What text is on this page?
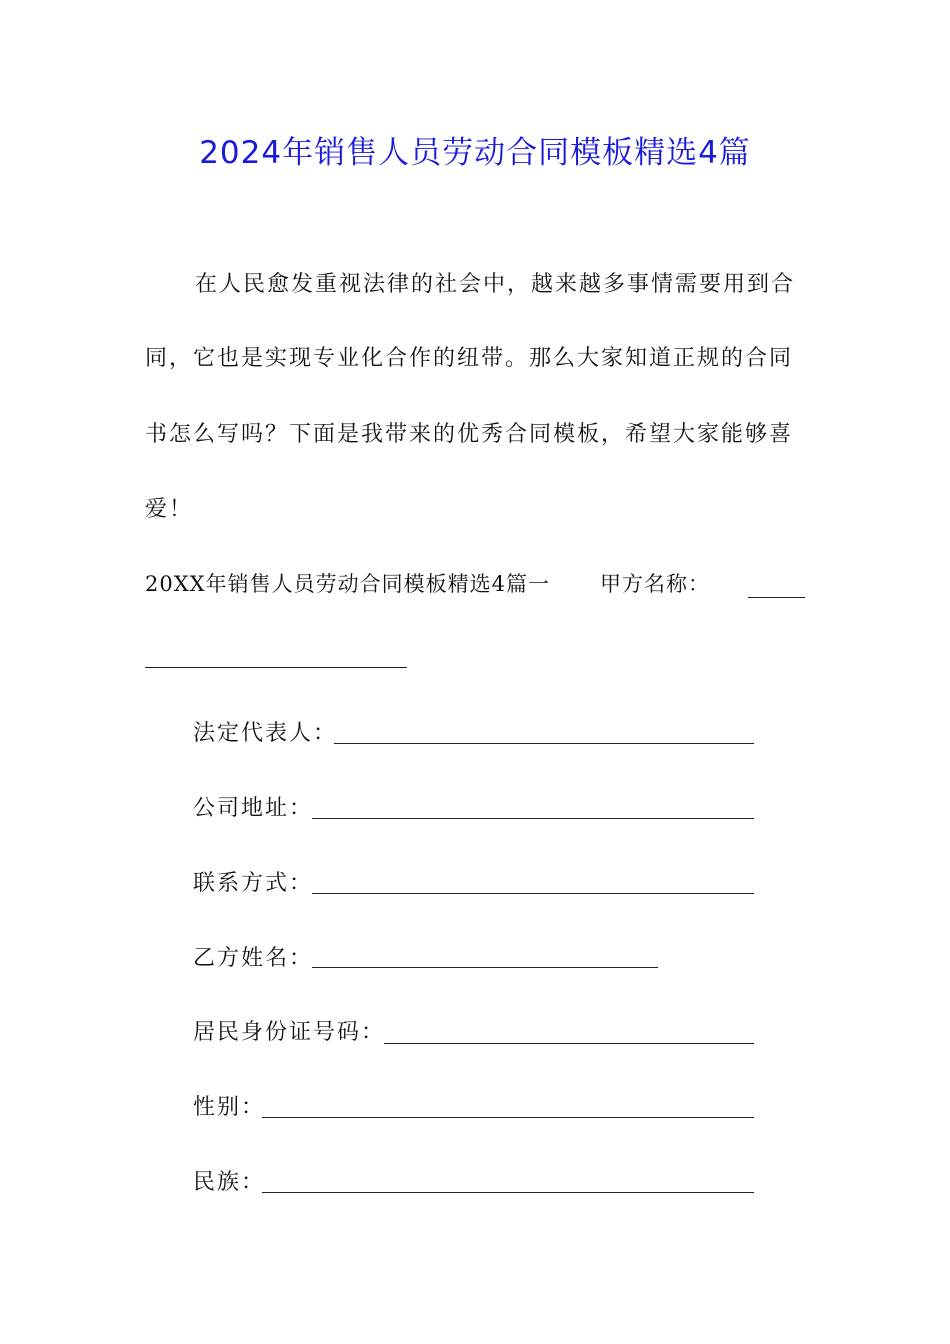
2024年销售人员劳动合同模板精选4篇
在人民愈发重视法律的社会中，越来越多事情需要用到合
同，它也是实现专业化合作的纽带。那么大家知道正规的合同
书怎么写吗？下面是我带来的优秀合同模板，希望大家能够喜
爱！
20XX年销售人员劳动合同模板精选4篇一 甲方名称：
法定代表人：
公司地址：
联系方式：
乙方姓名：
居民身份证号码：
性别：
民族：
